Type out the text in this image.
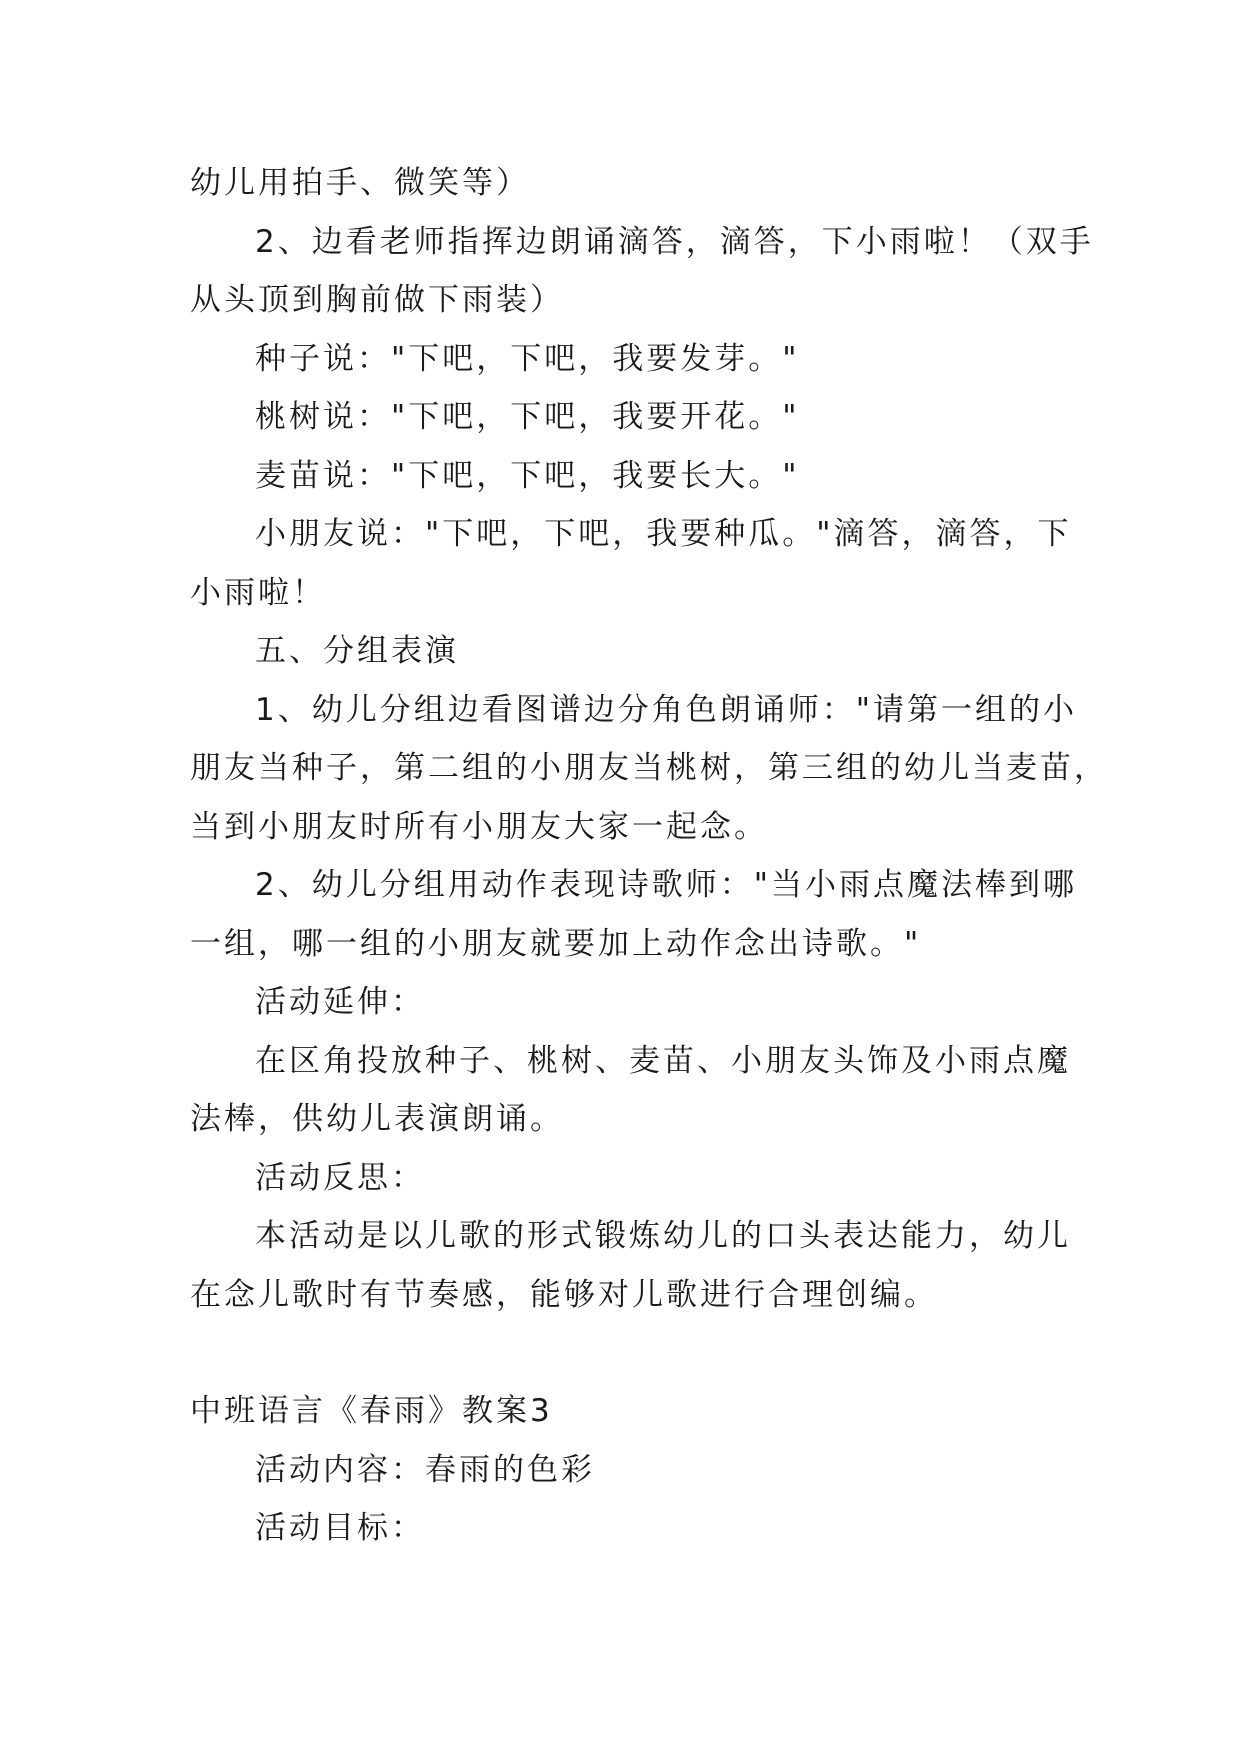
幼儿用拍手、微笑等）
2、边看老师指挥边朗诵滴答，滴答，下小雨啦！（双手
从头顶到胸前做下雨装）
种子说："下吧，下吧，我要发芽。"
桃树说："下吧，下吧，我要开花。"
麦苗说："下吧，下吧，我要长大。"
小朋友说："下吧，下吧，我要种瓜。"滴答，滴答，下
小雨啦！
五、分组表演
1、幼儿分组边看图谱边分角色朗诵师："请第一组的小
朋友当种子，第二组的小朋友当桃树，第三组的幼儿当麦苗，
当到小朋友时所有小朋友大家一起念。
2、幼儿分组用动作表现诗歌师："当小雨点魔法棒到哪
一组，哪一组的小朋友就要加上动作念出诗歌。"
活动延伸：
在区角投放种子、桃树、麦苗、小朋友头饰及小雨点魔
法棒，供幼儿表演朗诵。
活动反思：
本活动是以儿歌的形式锻炼幼儿的口头表达能力，幼儿
在念儿歌时有节奏感，能够对儿歌进行合理创编。
中班语言《春雨》教案3
活动内容：春雨的色彩
活动目标：
